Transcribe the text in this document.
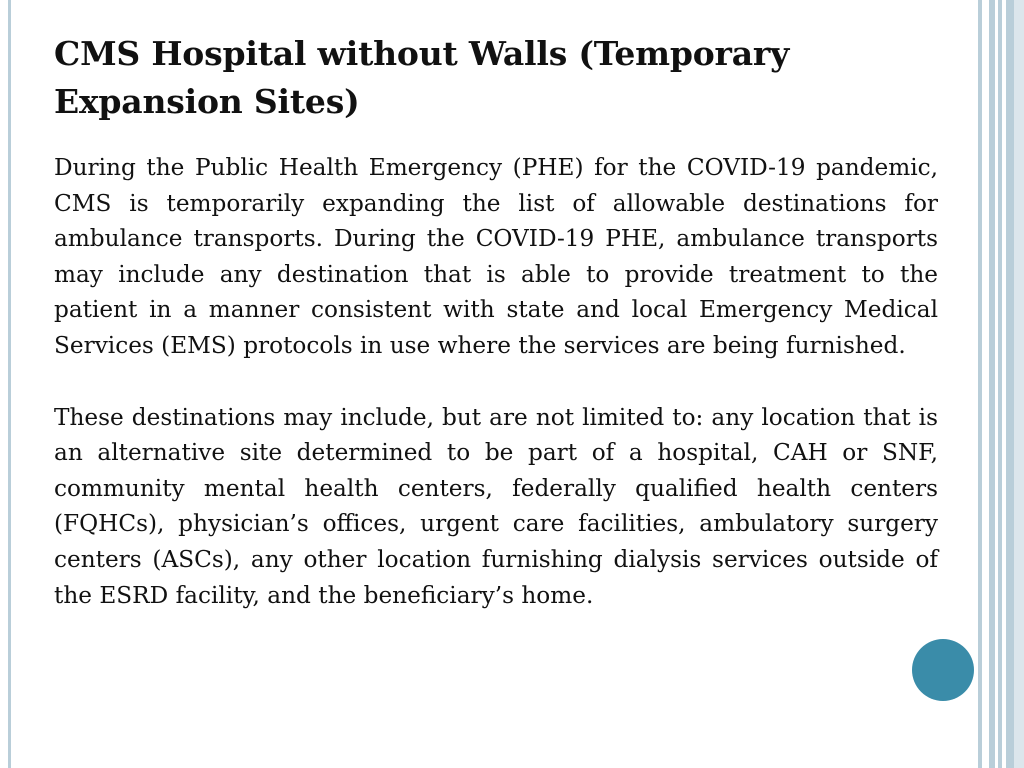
CMS Hospital without Walls (Temporary Expansion Sites)

During the Public Health Emergency (PHE) for the COVID-19 pandemic, CMS is temporarily expanding the list of allowable destinations for ambulance transports. During the COVID-19 PHE, ambulance transports may include any destination that is able to provide treatment to the patient in a manner consistent with state and local Emergency Medical Services (EMS) protocols in use where the services are being furnished.

These destinations may include, but are not limited to: any location that is an alternative site determined to be part of a hospital, CAH or SNF, community mental health centers, federally qualified health centers (FQHCs), physician’s offices, urgent care facilities, ambulatory surgery centers (ASCs), any other location furnishing dialysis services outside of the ESRD facility, and the beneficiary’s home.
